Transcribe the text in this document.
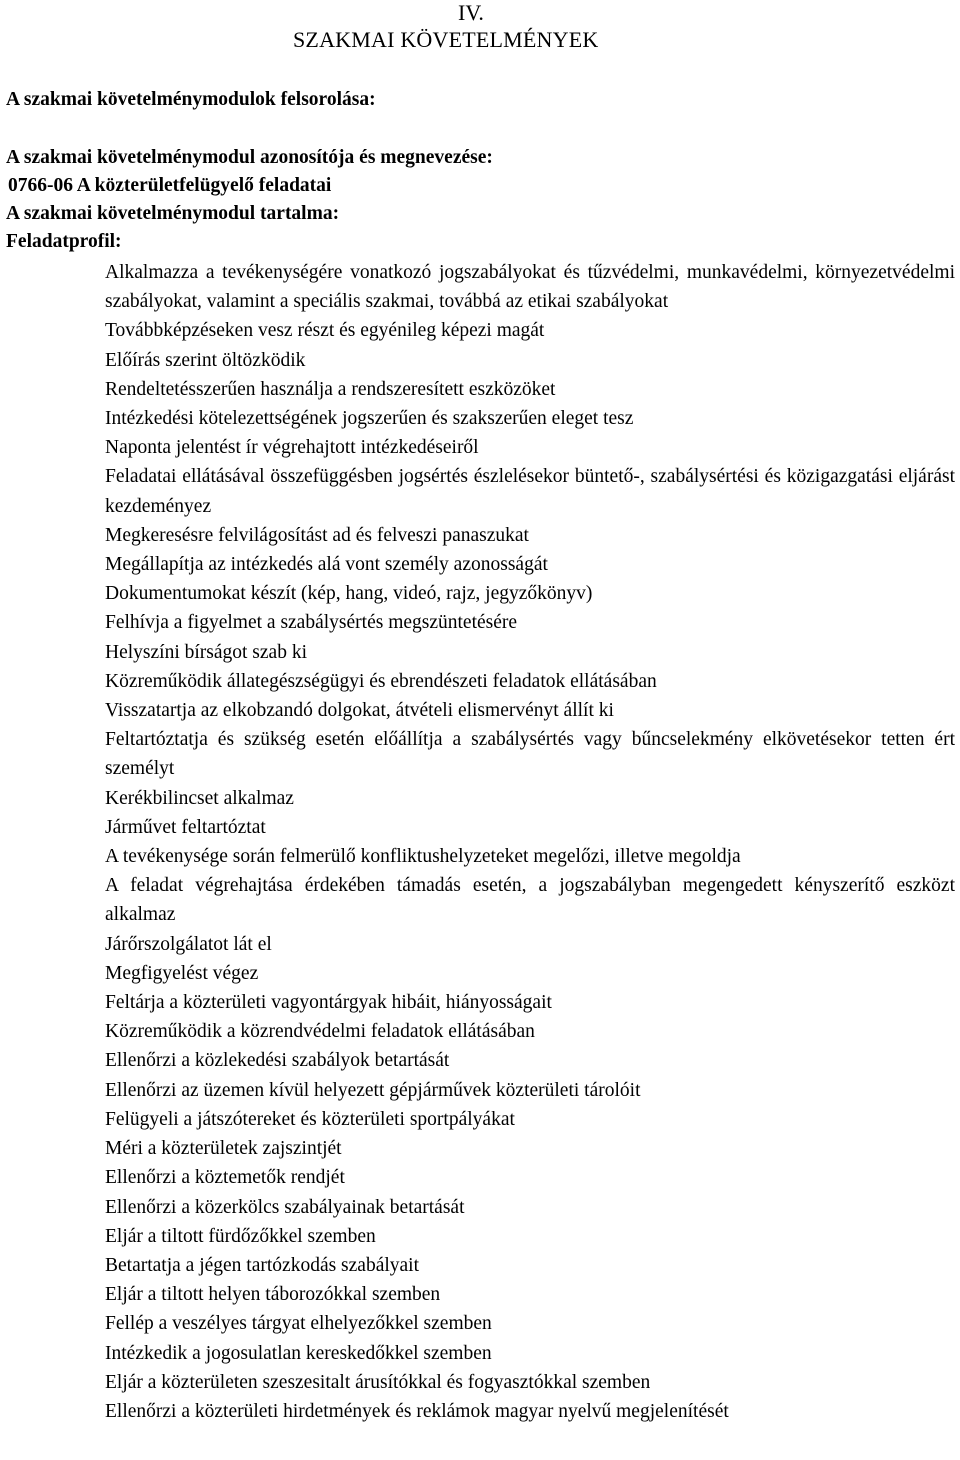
IV.
SZAKMAI KÖVETELMÉNYEK
A szakmai követelménymodulok felsorolása:
A szakmai követelménymodul azonosítója és megnevezése:
0766-06 A közterületfelügyelő feladatai
A szakmai követelménymodul tartalma:
Feladatprofil:
Alkalmazza a tevékenységére vonatkozó jogszabályokat és tűzvédelmi, munkavédelmi, környezetvédelmi szabályokat, valamint a speciális szakmai, továbbá az etikai szabályokat
Továbbképzéseken vesz részt és egyénileg képezi magát
Előírás szerint öltözködik
Rendeltetésszerűen használja a rendszeresített eszközöket
Intézkedési kötelezettségének jogszerűen és szakszerűen eleget tesz
Naponta jelentést ír végrehajtott intézkedéseiről
Feladatai ellátásával összefüggésben jogsértés észlelésekor büntető-, szabálysértési és közigazgatási eljárást kezdeményez
Megkeresésre felvilágosítást ad és felveszi panaszukat
Megállapítja az intézkedés alá vont személy azonosságát
Dokumentumokat készít (kép, hang, videó, rajz, jegyzőkönyv)
Felhívja a figyelmet a szabálysértés megszüntetésére
Helyszíni bírságot szab ki
Közreműködik állategészségügyi és ebrendészeti feladatok ellátásában
Visszatartja az elkobzandó dolgokat, átvételi elismervényt állít ki
Feltartóztatja és szükség esetén előállítja a szabálysértés vagy bűncselekmény elkövetésekor tetten ért személyt
Kerékbilincset alkalmaz
Járművet feltartóztat
A tevékenysége során felmerülő konfliktushelyzeteket megelőzi, illetve megoldja
A feladat végrehajtása érdekében támadás esetén, a jogszabályban megengedett kényszerítő eszközt alkalmaz
Járőrszolgálatot lát el
Megfigyelést végez
Feltárja a közterületi vagyontárgyak hibáit, hiányosságait
Közreműködik a közrendvédelmi feladatok ellátásában
Ellenőrzi a közlekedési szabályok betartását
Ellenőrzi az üzemen kívül helyezett gépjárművek közterületi tárolóit
Felügyeli a játszótereket és közterületi sportpályákat
Méri a közterületek zajszintjét
Ellenőrzi a köztemetők rendjét
Ellenőrzi a közerkölcs szabályainak betartását
Eljár a tiltott fürdőzőkkel szemben
Betartatja a jégen tartózkodás szabályait
Eljár a tiltott helyen táborozókkal szemben
Fellép a veszélyes tárgyat elhelyezőkkel szemben
Intézkedik a jogosulatlan kereskedőkkel szemben
Eljár a közterületen szeszesitalt árusítókkal és fogyasztókkal szemben
Ellenőrzi a közterületi hirdetmények és reklámok magyar nyelvű megjelenítését
